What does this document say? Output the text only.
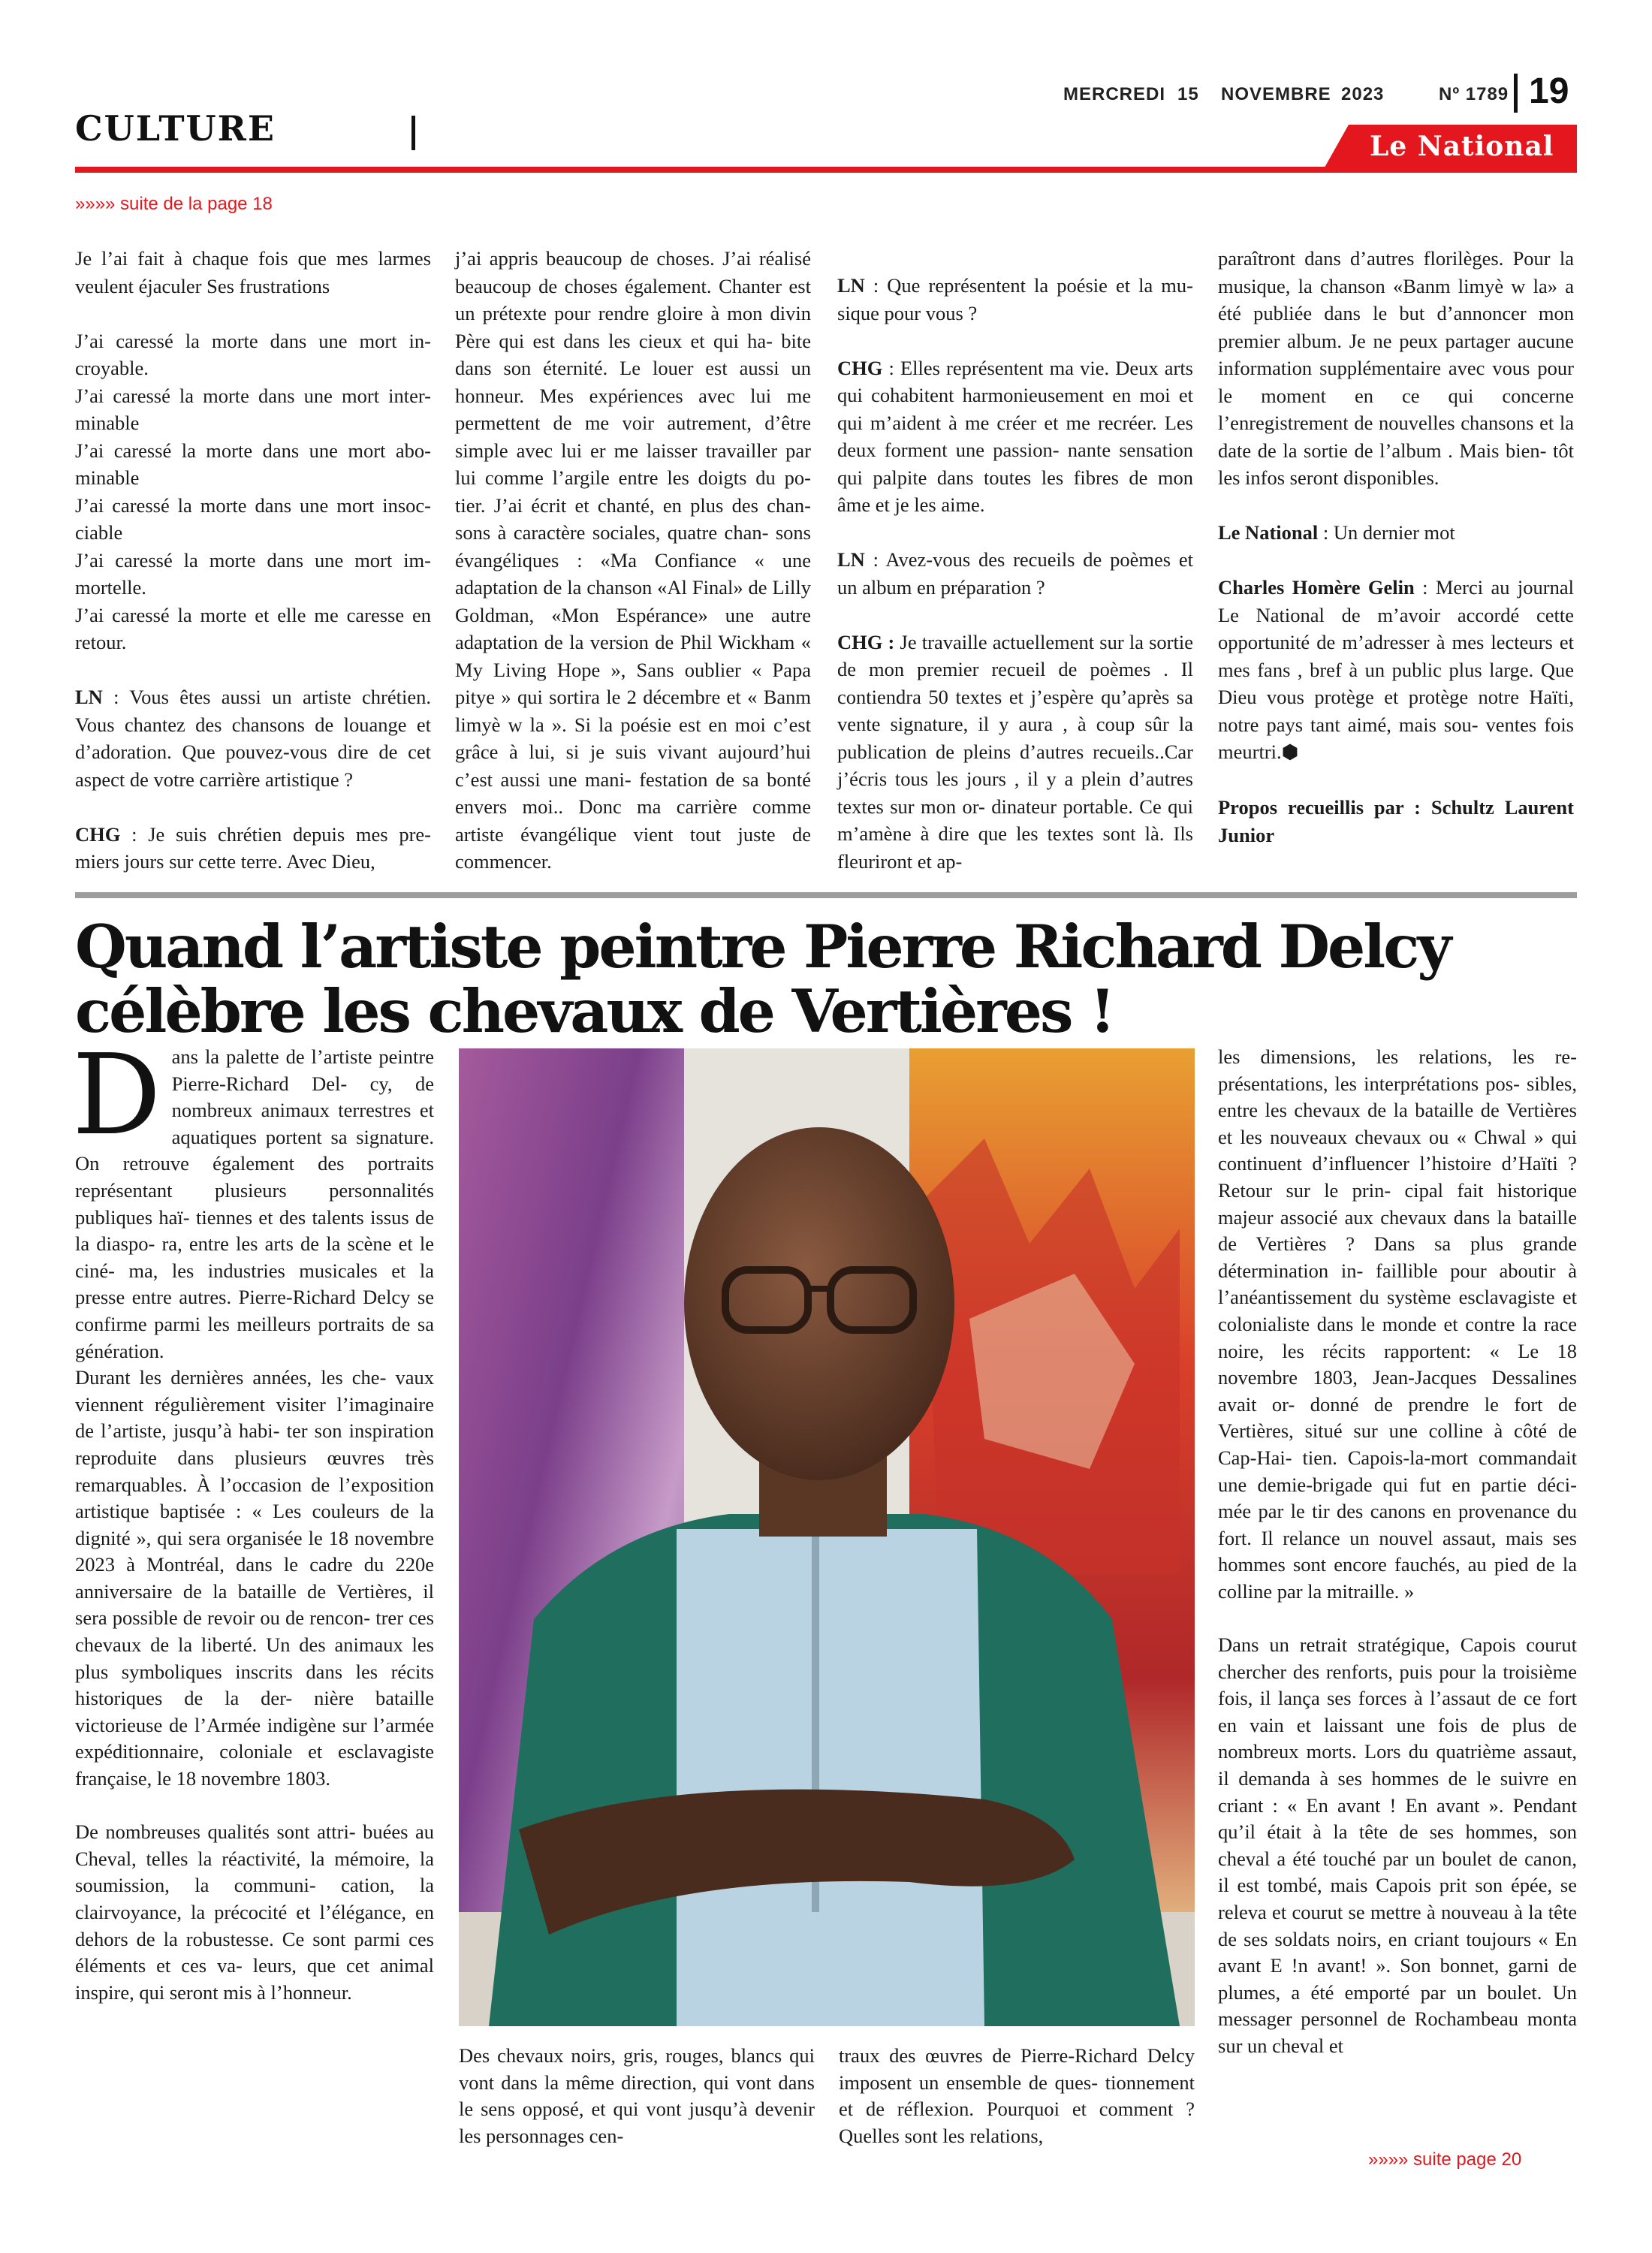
CULTURE
MERCREDI 15 NOVEMBRE 2023	Nº 1789 19
Le National
»»»» suite de la page 18

Je l’ai fait à chaque fois que mes larmes veulent éjaculer Ses frustrations

J’ai caressé la morte dans une mort in- croyable.

J’ai caressé la morte dans une mort inter- minable

J’ai caressé la morte dans une mort abo- minable

J’ai caressé la morte dans une mort insoc- ciable

J’ai caressé la morte dans une mort im- mortelle.

J’ai caressé la morte et elle me caresse en retour.

LN : Vous êtes aussi un artiste chrétien. Vous chantez des chansons de louange et d’adoration. Que pouvez-vous dire de cet aspect de votre carrière artistique ?

CHG : Je suis chrétien depuis mes pre- miers jours sur cette terre. Avec Dieu,

j’ai appris beaucoup de choses. J’ai réalisé beaucoup de choses également. Chanter est un prétexte pour rendre gloire à mon divin Père qui est dans les cieux et qui ha- bite dans son éternité. Le louer est aussi un honneur. Mes expériences avec lui me permettent de me voir autrement, d’être simple avec lui er me laisser travailler par lui comme l’argile entre les doigts du po- tier. J’ai écrit et chanté, en plus des chan- sons à caractère sociales, quatre chan- sons évangéliques : «Ma Confiance « une adaptation de la chanson «Al Final» de Lilly Goldman, «Mon Espérance» une autre adaptation de la version de Phil Wickham « My Living Hope », Sans oublier « Papa pitye » qui sortira le 2 décembre et « Banm limyè w la ». Si la poésie est en moi c’est grâce à lui, si je suis vivant aujourd’hui c’est aussi une mani- festation de sa bonté envers moi.. Donc ma carrière comme artiste évangélique vient tout juste de commencer.

LN : Que représentent la poésie et la mu- sique pour vous ?

CHG : Elles représentent ma vie. Deux arts qui cohabitent harmonieusement en moi et qui m’aident à me créer et me recréer. Les deux forment une passion- nante sensation qui palpite dans toutes les fibres de mon âme et je les aime.

LN : Avez-vous des recueils de poèmes et un album en préparation ?

CHG : Je travaille actuellement sur la sortie de mon premier recueil de poèmes . Il contiendra 50 textes et j’espère qu’après sa vente signature, il y aura , à coup sûr la publication de pleins d’autres recueils..Car j’écris tous les jours , il y a plein d’autres textes sur mon or- dinateur portable. Ce qui m’amène à dire que les textes sont là. Ils fleuriront et ap-

paraîtront dans d’autres florilèges. Pour la musique, la chanson «Banm limyè w la» a été publiée dans le but d’annoncer mon premier album. Je ne peux partager aucune information supplémentaire avec vous pour le moment en ce qui concerne l’enregistrement de nouvelles chansons et la date de la sortie de l’album . Mais bien- tôt les infos seront disponibles.

Le National : Un dernier mot

Charles Homère Gelin : Merci au journal Le National de m’avoir accordé cette opportunité de m’adresser à mes lecteurs et mes fans , bref à un public plus large. Que Dieu vous protège et protège notre Haïti, notre pays tant aimé, mais sou- ventes fois meurtri.⬢

Propos recueillis par : Schultz Laurent Junior

Quand l’artiste peintre Pierre Richard Delcy célèbre les chevaux de Vertières !

Dans la palette de l’artiste peintre Pierre-Richard Del- cy, de nombreux animaux terrestres et aquatiques portent sa signature. On retrouve également des portraits représentant plusieurs personnalités publiques haï- tiennes et des talents issus de la diaspo- ra, entre les arts de la scène et le ciné- ma, les industries musicales et la presse entre autres. Pierre-Richard Delcy se confirme parmi les meilleurs portraits de sa génération.

Durant les dernières années, les che- vaux viennent régulièrement visiter l’imaginaire de l’artiste, jusqu’à habi- ter son inspiration reproduite dans plusieurs œuvres très remarquables. À l’occasion de l’exposition artistique baptisée : « Les couleurs de la dignité », qui sera organisée le 18 novembre 2023 à Montréal, dans le cadre du 220e anniversaire de la bataille de Vertières, il sera possible de revoir ou de rencon- trer ces chevaux de la liberté. Un des animaux les plus symboliques inscrits dans les récits historiques de la der- nière bataille victorieuse de l’Armée indigène sur l’armée expéditionnaire, coloniale et esclavagiste française, le 18 novembre 1803.

De nombreuses qualités sont attri- buées au Cheval, telles la réactivité, la mémoire, la soumission, la communi- cation, la clairvoyance, la précocité et l’élégance, en dehors de la robustesse. Ce sont parmi ces éléments et ces va- leurs, que cet animal inspire, qui seront mis à l’honneur.

Des chevaux noirs, gris, rouges, blancs qui vont dans la même direction, qui vont dans le sens opposé, et qui vont jusqu’à devenir les personnages cen-

traux des œuvres de Pierre-Richard Delcy imposent un ensemble de ques- tionnement et de réflexion. Pourquoi et comment ? Quelles sont les relations,

les dimensions, les relations, les re- présentations, les interprétations pos- sibles, entre les chevaux de la bataille de Vertières et les nouveaux chevaux ou « Chwal » qui continuent d’influencer l’histoire d’Haïti ? Retour sur le prin- cipal fait historique majeur associé aux chevaux dans la bataille de Vertières ? Dans sa plus grande détermination in- faillible pour aboutir à l’anéantissement du système esclavagiste et colonialiste dans le monde et contre la race noire, les récits rapportent: « Le 18 novembre 1803, Jean-Jacques Dessalines avait or- donné de prendre le fort de Vertières, situé sur une colline à côté de Cap-Hai- tien. Capois-la-mort commandait une demie-brigade qui fut en partie déci- mée par le tir des canons en provenance du fort. Il relance un nouvel assaut, mais ses hommes sont encore fauchés, au pied de la colline par la mitraille. »

Dans un retrait stratégique, Capois courut chercher des renforts, puis pour la troisième fois, il lança ses forces à l’assaut de ce fort en vain et laissant une fois de plus de nombreux morts. Lors du quatrième assaut, il demanda à ses hommes de le suivre en criant : « En avant ! En avant ». Pendant qu’il était à la tête de ses hommes, son cheval a été touché par un boulet de canon, il est tombé, mais Capois prit son épée, se releva et courut se mettre à nouveau à la tête de ses soldats noirs, en criant toujours « En avant E !n avant! ». Son bonnet, garni de plumes, a été emporté par un boulet. Un messager personnel de Rochambeau monta sur un cheval et

»»»» suite page 20
